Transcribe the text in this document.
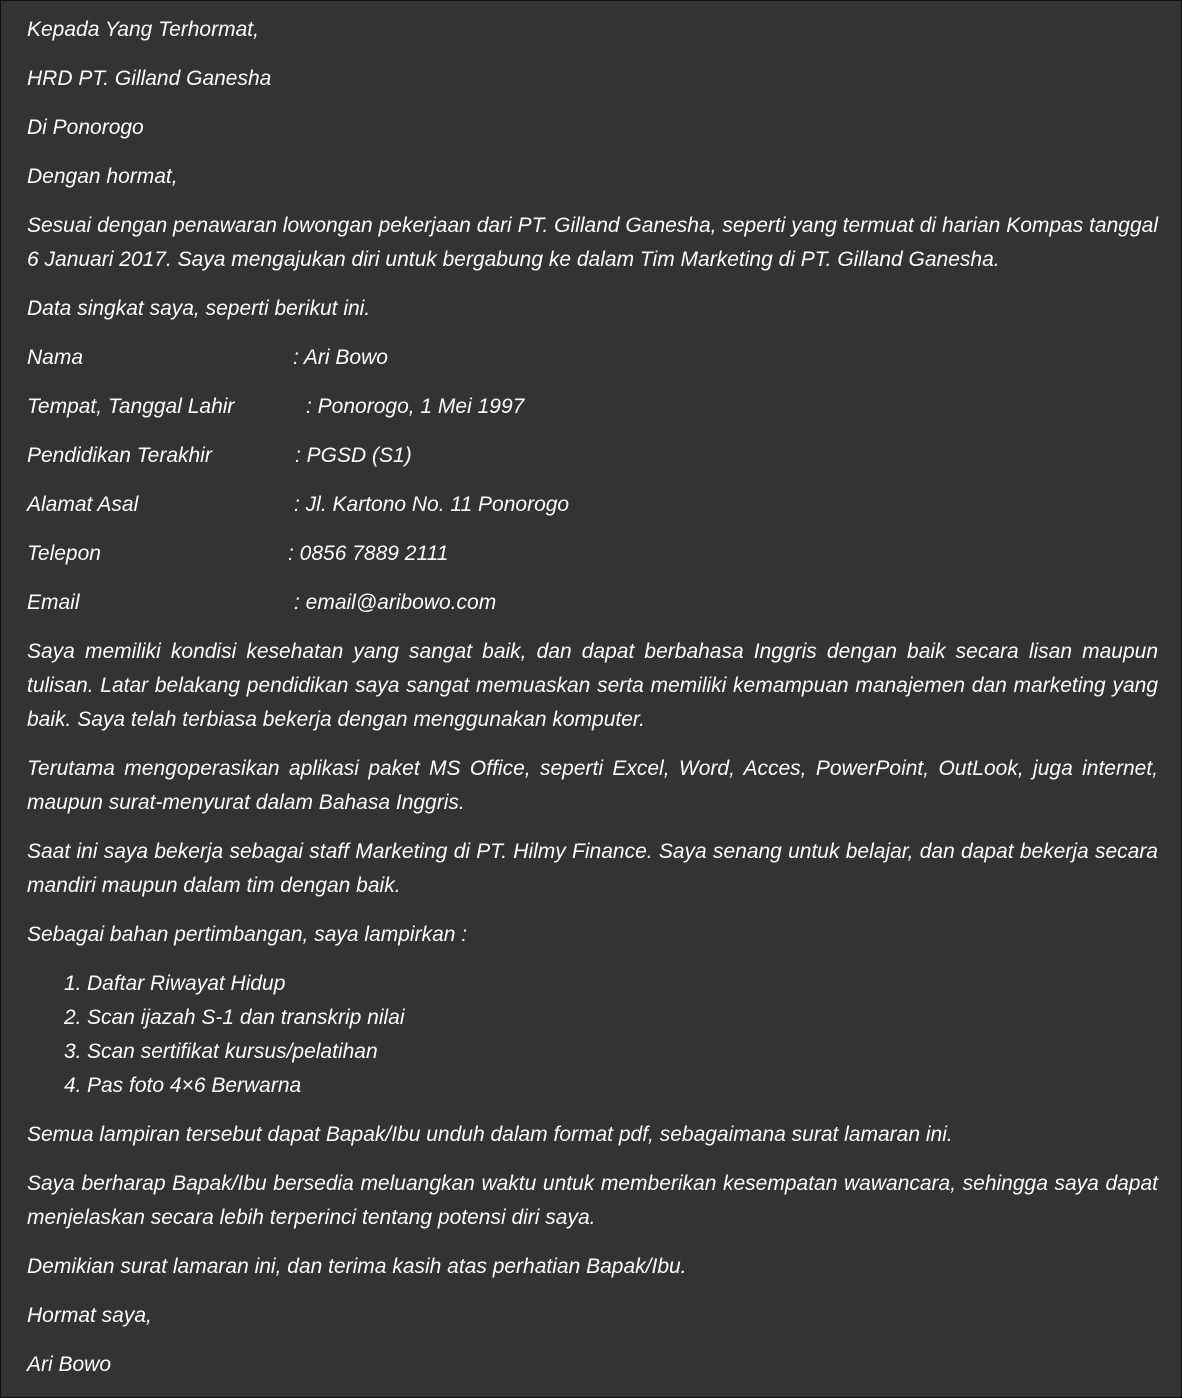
Kepada Yang Terhormat,

HRD PT. Gilland Ganesha

Di Ponorogo

Dengan hormat,

Sesuai dengan penawaran lowongan pekerjaan dari PT. Gilland Ganesha, seperti yang termuat di harian Kompas tanggal 6 Januari 2017. Saya mengajukan diri untuk bergabung ke dalam Tim Marketing di PT. Gilland Ganesha.

Data singkat saya, seperti berikut ini.

Nama	: Ari Bowo
Tempat, Tanggal Lahir	: Ponorogo, 1 Mei 1997
Pendidikan Terakhir	: PGSD (S1)
Alamat Asal	: Jl. Kartono No. 11 Ponorogo
Telepon	: 0856 7889 2111
Email	: email@aribowo.com

Saya memiliki kondisi kesehatan yang sangat baik, dan dapat berbahasa Inggris dengan baik secara lisan maupun tulisan. Latar belakang pendidikan saya sangat memuaskan serta memiliki kemampuan manajemen dan marketing yang baik. Saya telah terbiasa bekerja dengan menggunakan komputer.

Terutama mengoperasikan aplikasi paket MS Office, seperti Excel, Word, Acces, PowerPoint, OutLook, juga internet, maupun surat-menyurat dalam Bahasa Inggris.

Saat ini saya bekerja sebagai staff Marketing di PT. Hilmy Finance. Saya senang untuk belajar, dan dapat bekerja secara mandiri maupun dalam tim dengan baik.

Sebagai bahan pertimbangan, saya lampirkan :

1. Daftar Riwayat Hidup
2. Scan ijazah S-1 dan transkrip nilai
3. Scan sertifikat kursus/pelatihan
4. Pas foto 4×6 Berwarna

Semua lampiran tersebut dapat Bapak/Ibu unduh dalam format pdf, sebagaimana surat lamaran ini.

Saya berharap Bapak/Ibu bersedia meluangkan waktu untuk memberikan kesempatan wawancara, sehingga saya dapat menjelaskan secara lebih terperinci tentang potensi diri saya.

Demikian surat lamaran ini, dan terima kasih atas perhatian Bapak/Ibu.

Hormat saya,

Ari Bowo
